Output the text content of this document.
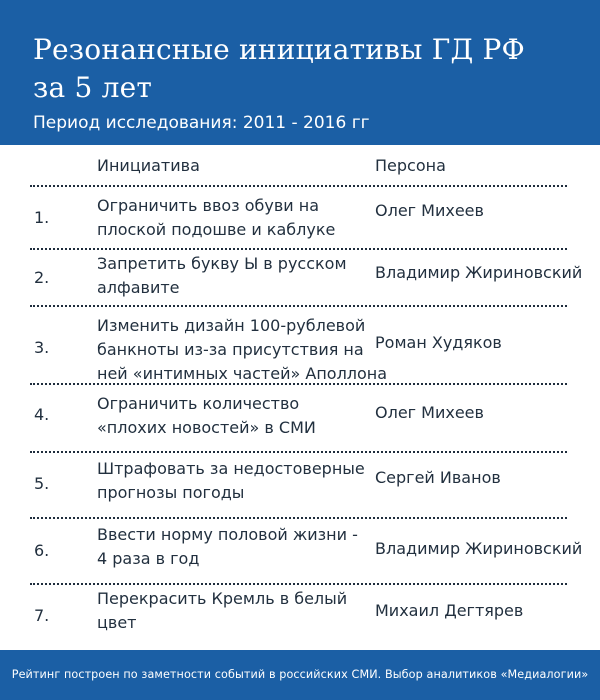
Резонансные инициативы ГД РФ
за 5 лет
Период исследования: 2011 - 2016 гг
Инициатива	Персона
1.
Ограничить ввоз обуви на
плоской подошве и каблуке
Олег Михеев
2.
Запретить букву Ы в русском
алфавите
Владимир Жириновский
3.
Изменить дизайн 100-рублевой
банкноты из-за присутствия на
ней «интимных частей» Аполлона
Роман Худяков
4.
Ограничить количество
«плохих новостей» в СМИ
Олег Михеев
5.
Штрафовать за недостоверные
прогнозы погоды
Сергей Иванов
6.
Ввести норму половой жизни -
4 раза в год
Владимир Жириновский
7.
Перекрасить Кремль в белый
цвет
Михаил Дегтярев
Рейтинг построен по заметности событий в российских СМИ. Выбор аналитиков «Медиалогии»
